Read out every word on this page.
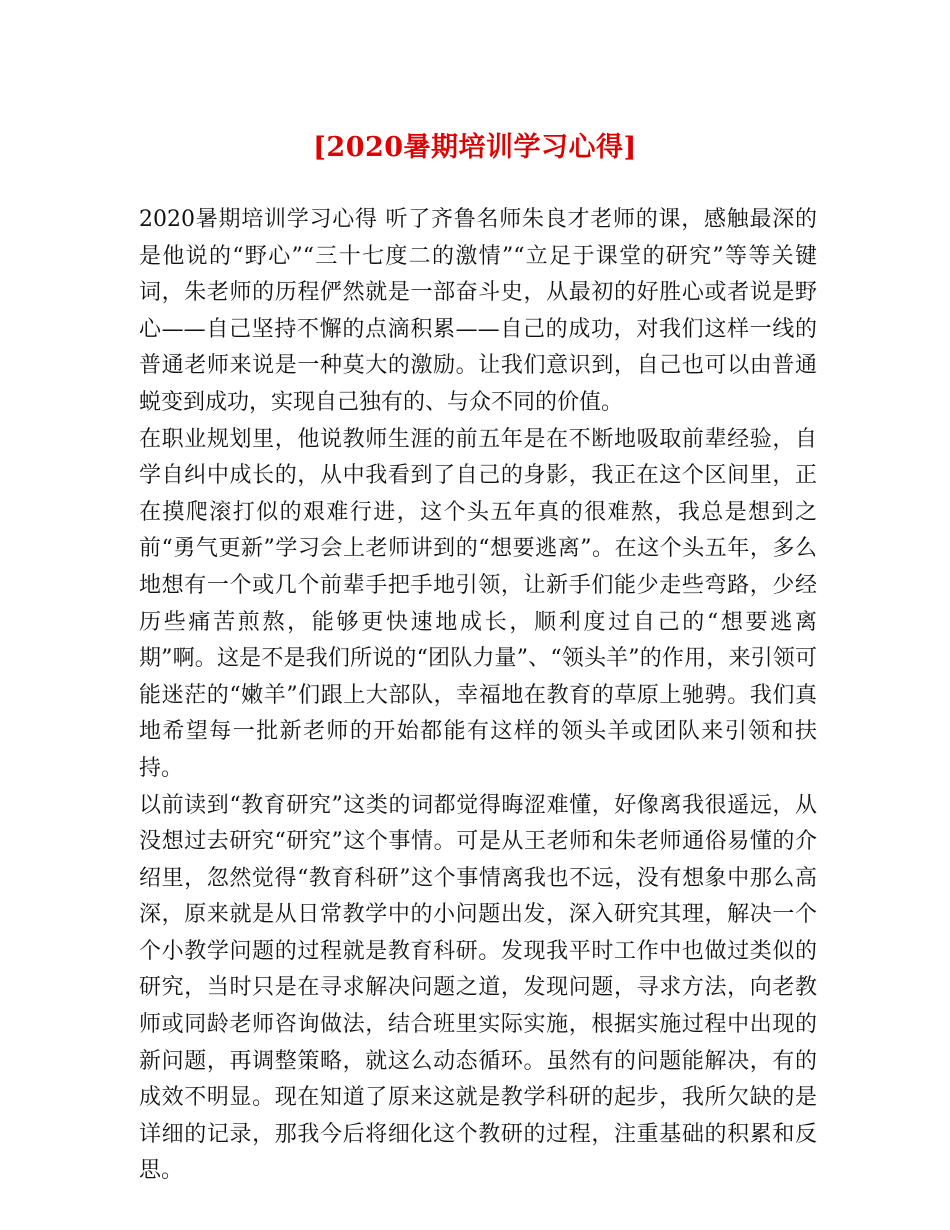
[2020暑期培训学习心得]

2020暑期培训学习心得 听了齐鲁名师朱良才老师的课，感触最深的是他说的“野心”“三十七度二的激情”“立足于课堂的研究”等等关键词，朱老师的历程俨然就是一部奋斗史，从最初的好胜心或者说是野心——自己坚持不懈的点滴积累——自己的成功，对我们这样一线的普通老师来说是一种莫大的激励。让我们意识到，自己也可以由普通蜕变到成功，实现自己独有的、与众不同的价值。

在职业规划里，他说教师生涯的前五年是在不断地吸取前辈经验，自学自纠中成长的，从中我看到了自己的身影，我正在这个区间里，正在摸爬滚打似的艰难行进，这个头五年真的很难熬，我总是想到之前“勇气更新”学习会上老师讲到的“想要逃离”。在这个头五年，多么地想有一个或几个前辈手把手地引领，让新手们能少走些弯路，少经历些痛苦煎熬，能够更快速地成长，顺利度过自己的“想要逃离期”啊。这是不是我们所说的“团队力量”、“领头羊”的作用，来引领可能迷茫的“嫩羊”们跟上大部队，幸福地在教育的草原上驰骋。我们真地希望每一批新老师的开始都能有这样的领头羊或团队来引领和扶持。

以前读到“教育研究”这类的词都觉得晦涩难懂，好像离我很遥远，从没想过去研究“研究”这个事情。可是从王老师和朱老师通俗易懂的介绍里，忽然觉得“教育科研”这个事情离我也不远，没有想象中那么高深，原来就是从日常教学中的小问题出发，深入研究其理，解决一个个小教学问题的过程就是教育科研。发现我平时工作中也做过类似的研究，当时只是在寻求解决问题之道，发现问题，寻求方法，向老教师或同龄老师咨询做法，结合班里实际实施，根据实施过程中出现的新问题，再调整策略，就这么动态循环。虽然有的问题能解决，有的成效不明显。现在知道了原来这就是教学科研的起步，我所欠缺的是详细的记录，那我今后将细化这个教研的过程，注重基础的积累和反思。
